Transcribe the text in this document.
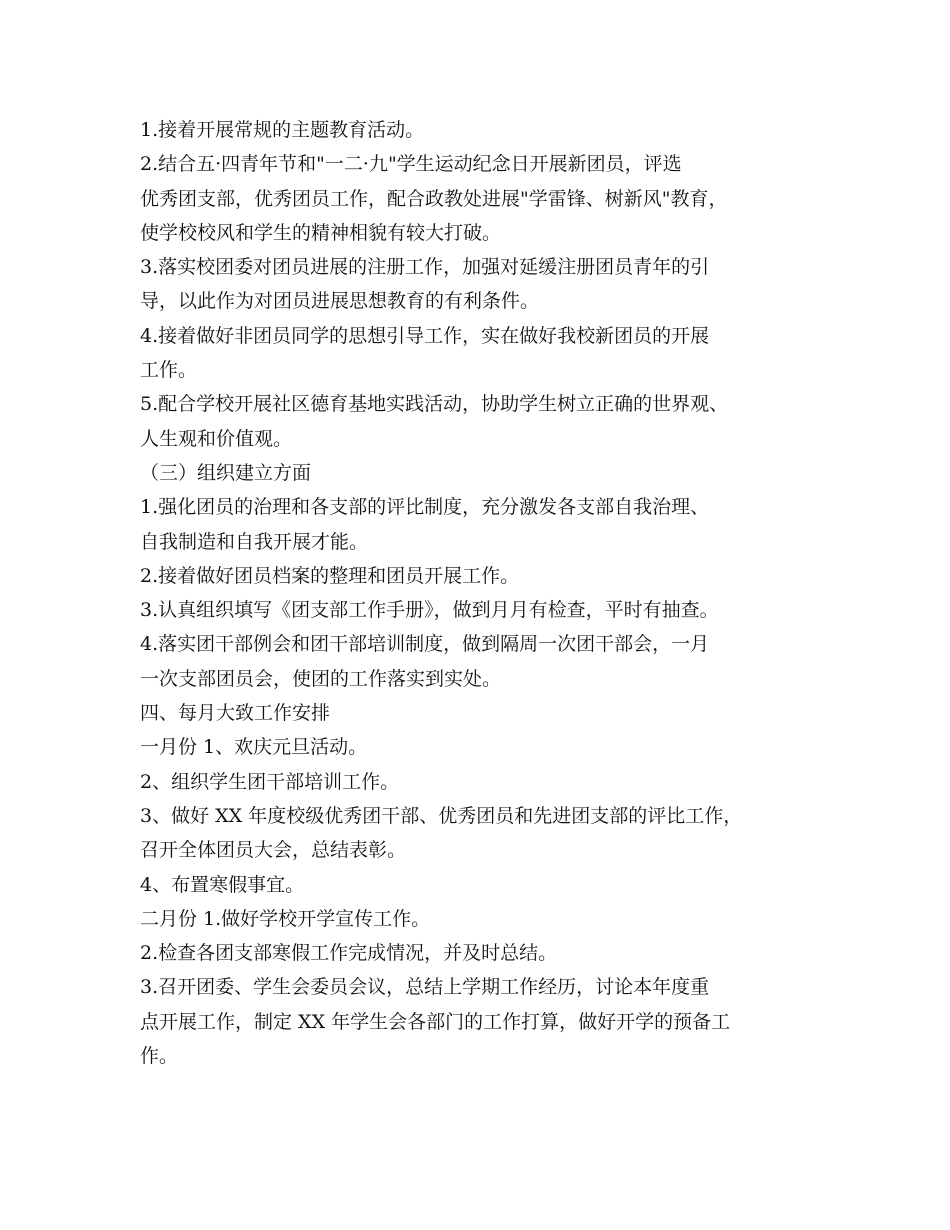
1.接着开展常规的主题教育活动。
2.结合五·四青年节和"一二·九"学生运动纪念日开展新团员，评选
优秀团支部，优秀团员工作，配合政教处进展"学雷锋、树新风"教育，
使学校校风和学生的精神相貌有较大打破。
3.落实校团委对团员进展的注册工作，加强对延缓注册团员青年的引
导，以此作为对团员进展思想教育的有利条件。
4.接着做好非团员同学的思想引导工作，实在做好我校新团员的开展
工作。
5.配合学校开展社区德育基地实践活动，协助学生树立正确的世界观、
人生观和价值观。
（三）组织建立方面
1.强化团员的治理和各支部的评比制度，充分激发各支部自我治理、
自我制造和自我开展才能。
2.接着做好团员档案的整理和团员开展工作。
3.认真组织填写《团支部工作手册》，做到月月有检查，平时有抽查。
4.落实团干部例会和团干部培训制度，做到隔周一次团干部会，一月
一次支部团员会，使团的工作落实到实处。
四、每月大致工作安排
一月份 1、欢庆元旦活动。
2、组织学生团干部培训工作。
3、做好 XX 年度校级优秀团干部、优秀团员和先进团支部的评比工作，
召开全体团员大会，总结表彰。
4、布置寒假事宜。
二月份 1.做好学校开学宣传工作。
2.检查各团支部寒假工作完成情况，并及时总结。
3.召开团委、学生会委员会议，总结上学期工作经历，讨论本年度重
点开展工作，制定 XX 年学生会各部门的工作打算，做好开学的预备工
作。
